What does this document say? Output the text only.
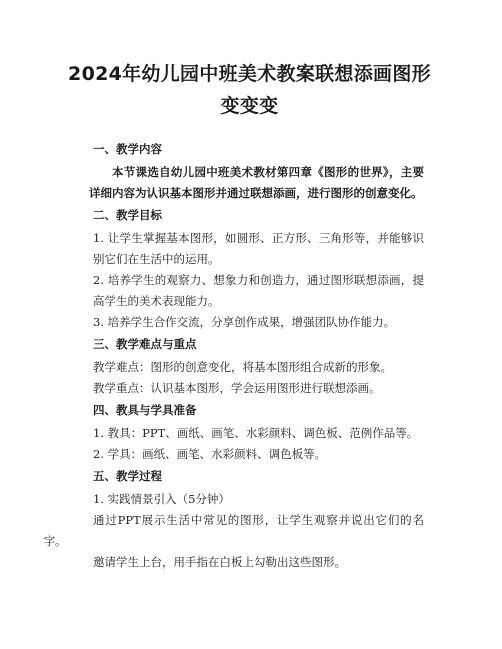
2024年幼儿园中班美术教案联想添画图形变变变
一、教学内容

本节课选自幼儿园中班美术教材第四章《图形的世界》，主要详细内容为认识基本图形并通过联想添画，进行图形的创意变化。

二、教学目标

1. 让学生掌握基本图形，如圆形、正方形、三角形等，并能够识别它们在生活中的运用。

2. 培养学生的观察力、想象力和创造力，通过图形联想添画，提高学生的美术表现能力。

3. 培养学生合作交流，分享创作成果，增强团队协作能力。

三、教学难点与重点

教学难点：图形的创意变化，将基本图形组合成新的形象。

教学重点：认识基本图形，学会运用图形进行联想添画。

四、教具与学具准备

1. 教具：PPT、画纸、画笔、水彩颜料、调色板、范例作品等。

2. 学具：画纸、画笔、水彩颜料、调色板等。

五、教学过程

1. 实践情景引入（5分钟）

通过PPT展示生活中常见的图形，让学生观察并说出它们的名字。

邀请学生上台，用手指在白板上勾勒出这些图形。
